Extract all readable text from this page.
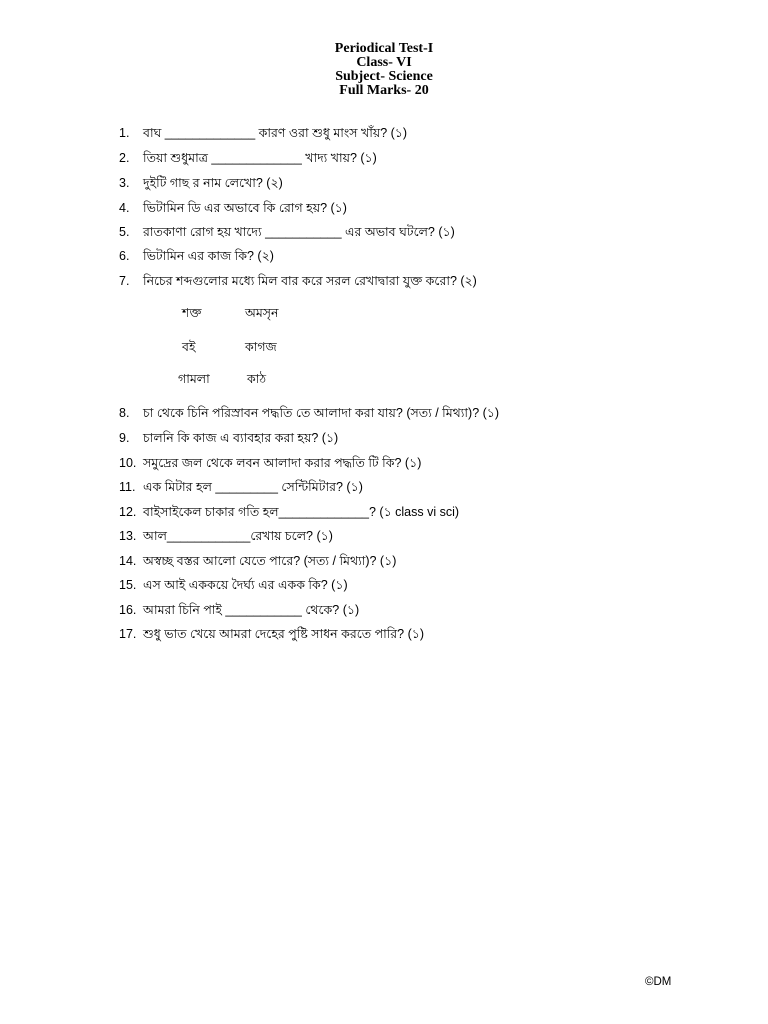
Periodical Test-I
Class- VI
Subject- Science
Full Marks- 20
1. বাঘ _____________ কারণ ওরা শুধু মাংস খাঁয়? (১)
2. তিয়া শুধুমাত্র _____________ খাদ্য খায়? (১)
3. দুইটি গাছ র নাম লেখো? (২)
4. ভিটামিন ডি এর অভাবে কি রোগ হয়? (১)
5. রাতকাণা রোগ হয় খাদ্যে ___________ এর অভাব ঘটলে? (১)
6. ভিটামিন এর কাজ কি? (২)
7. নিচের শব্দগুলোর মধ্যে মিল বার করে সরল রেখাদ্বারা যুক্ত করো? (২)
শক্ত	অমসৃন
বই	কাগজ
গামলা	কাঠ
8. চা থেকে চিনি পরিস্রাবন পদ্ধতি তে আলাদা করা যায়? (সত্য / মিথ্যা)? (১)
9. চালনি কি কাজ এ ব্যাবহার করা হয়? (১)
10. সমুদ্রের জল থেকে লবন আলাদা করার পদ্ধতি টি কি? (১)
11. এক মিটার হল _________ সেন্টিমিটার? (১)
12. বাইসাইকেল চাকার গতি হল_____________? (১ class vi sci)
13. আল____________রেখায় চলে? (১)
14. অস্বচ্ছ বস্তর আলো যেতে পারে? (সত্য / মিথ্যা)? (১)
15. এস আই এককয়ে দৈর্ঘ্য এর একক কি? (১)
16. আমরা চিনি পাই ___________ থেকে? (১)
17. শুধু ভাত খেয়ে আমরা দেহের পুষ্টি সাধন করতে পারি? (১)
©DM
